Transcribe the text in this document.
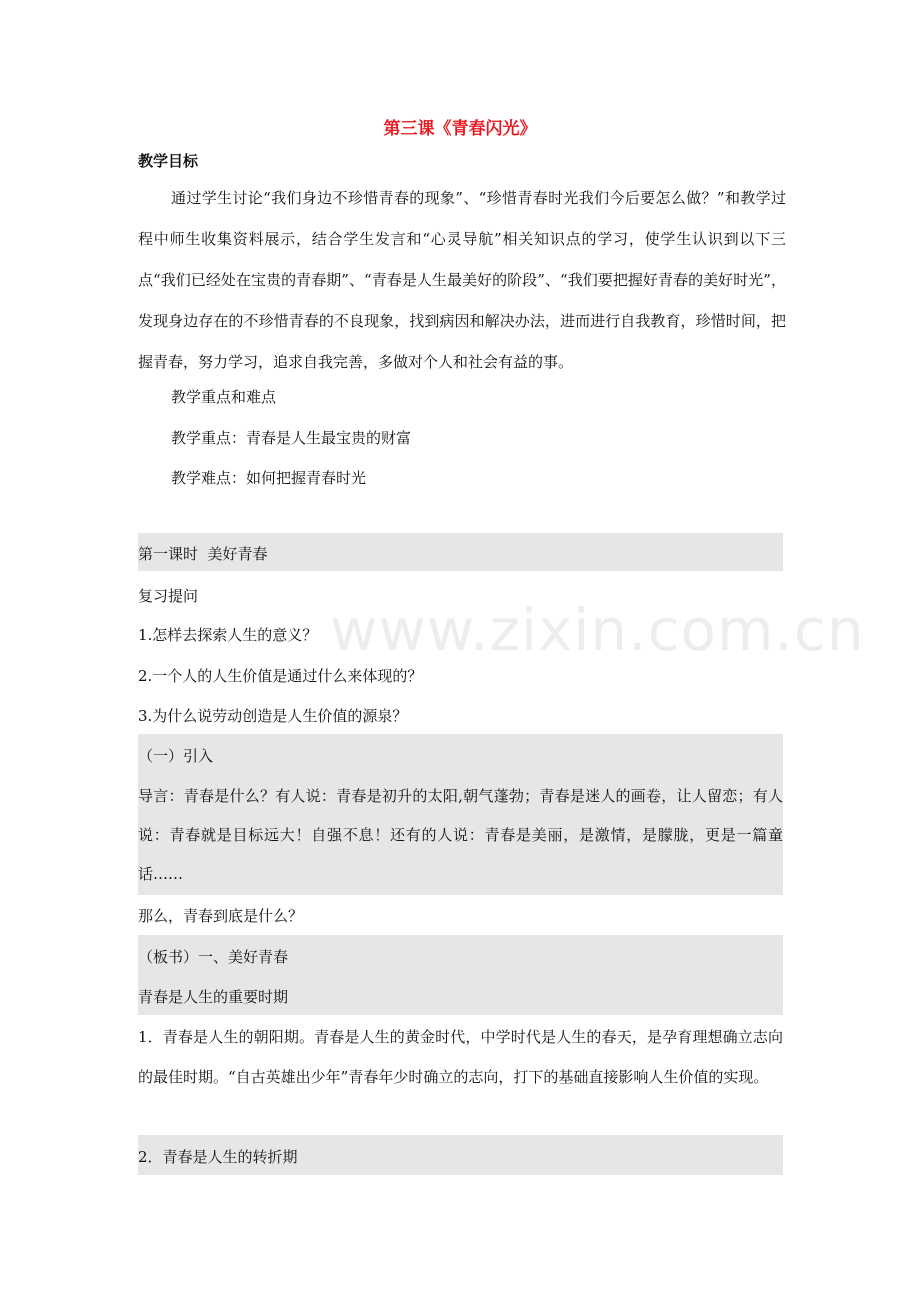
www.zixin.com.cn
第三课《青春闪光》
教学目标

通过学生讨论“我们身边不珍惜青春的现象”、“珍惜青春时光我们今后要怎么做？”和教学过程中师生收集资料展示，结合学生发言和“心灵导航”相关知识点的学习，使学生认识到以下三点“我们已经处在宝贵的青春期”、“青春是人生最美好的阶段”、“我们要把握好青春的美好时光”，发现身边存在的不珍惜青春的不良现象，找到病因和解决办法，进而进行自我教育，珍惜时间，把握青春，努力学习，追求自我完善，多做对个人和社会有益的事。

教学重点和难点
教学重点：青春是人生最宝贵的财富
教学难点：如何把握青春时光
第一课时  美好青春
复习提问
1.怎样去探索人生的意义？
2.一个人的人生价值是通过什么来体现的？
3.为什么说劳动创造是人生价值的源泉？
（一）引入

导言：青春是什么？有人说：青春是初升的太阳,朝气蓬勃；青春是迷人的画卷，让人留恋；有人说：青春就是目标远大！自强不息！还有的人说：青春是美丽，是激情，是朦胧，更是一篇童话……

那么，青春到底是什么？
（板书）一、美好青春
青春是人生的重要时期

1．青春是人生的朝阳期。青春是人生的黄金时代，中学时代是人生的春天，是孕育理想确立志向的最佳时期。“自古英雄出少年”青春年少时确立的志向，打下的基础直接影响人生价值的实现。

2．青春是人生的转折期
